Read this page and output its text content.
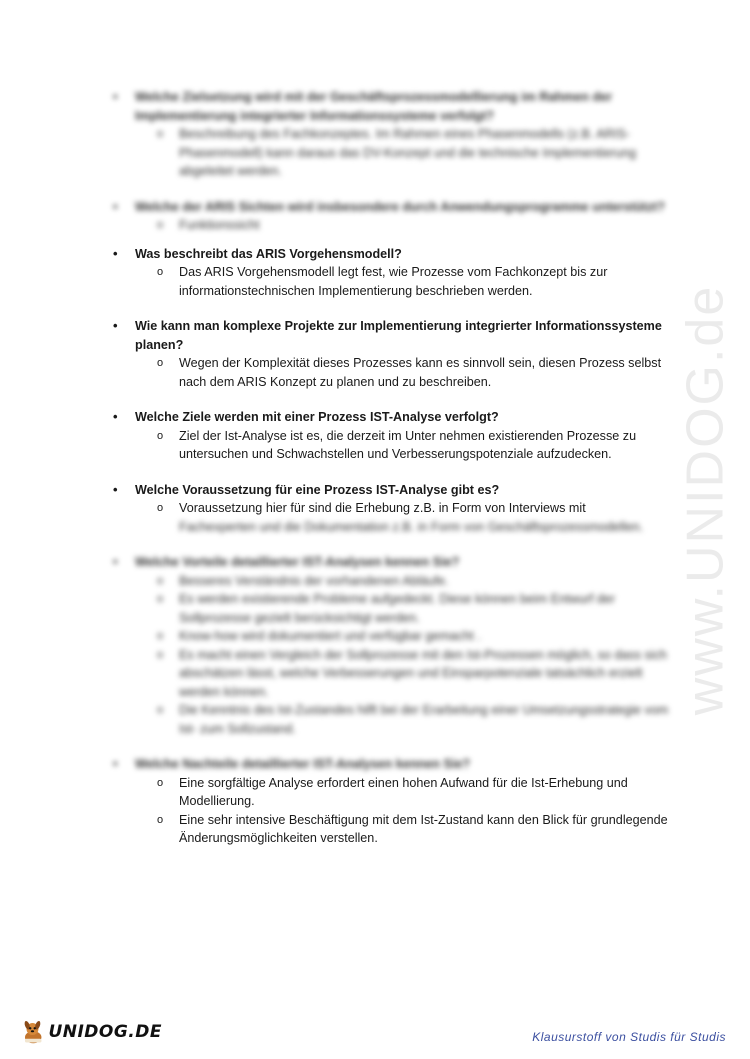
www.UNIDOG.de
• Welche Zielsetzung wird mit der Geschäftsprozessmodellierung im Rahmen der Implementierung integrierter Informationssysteme verfolgt?
o Beschreibung des Fachkonzeptes. Im Rahmen eines Phasenmodells (z.B. ARIS-Phasenmodell) kann daraus das DV-Konzept und die technische Implementierung abgeleitet werden.
• Welche der ARIS Sichten wird insbesondere durch Anwendungsprogramme unterstützt?
o Funktionssicht
• Was beschreibt das ARIS Vorgehensmodell?
o Das ARIS Vorgehensmodell legt fest, wie Prozesse vom Fachkonzept bis zur informationstechnischen Implementierung beschrieben werden.
• Wie kann man komplexe Projekte zur Implementierung integrierter Informationssysteme planen?
o Wegen der Komplexität dieses Prozesses kann es sinnvoll sein, diesen Prozess selbst nach dem ARIS Konzept zu planen und zu beschreiben.
• Welche Ziele werden mit einer Prozess IST-Analyse verfolgt?
o Ziel der Ist-Analyse ist es, die derzeit im Unter nehmen existierenden Prozesse zu untersuchen und Schwachstellen und Verbesserungspotenziale aufzudecken.
• Welche Voraussetzung für eine Prozess IST-Analyse gibt es?
o Voraussetzung hier für sind die Erhebung z.B. in Form von Interviews mit
Fachexperten und die Dokumentation z.B. in Form von Geschäftsprozessmodellen.
• Welche Vorteile detaillierter IST-Analysen kennen Sie?
o Besseres Verständnis der vorhandenen Abläufe.
o Es werden existierende Probleme aufgedeckt. Diese können beim Entwurf der Sollprozesse gezielt berücksichtigt werden.
o Know-how wird dokumentiert und verfügbar gemacht .
o Es macht einen Vergleich der Sollprozesse mit den Ist-Prozessen möglich, so dass sich abschätzen lässt, welche Verbesserungen und Einsparpotenziale tatsächlich erzielt werden können.
o Die Kenntnis des Ist-Zustandes hilft bei der Erarbeitung einer Umsetzungsstrategie vom Ist- zum Sollzustand.
• Welche Nachteile detaillierter IST-Analysen kennen Sie?
o Eine sorgfältige Analyse erfordert einen hohen Aufwand für die Ist-Erhebung und Modellierung.
o Eine sehr intensive Beschäftigung mit dem Ist-Zustand kann den Blick für grundlegende Änderungsmöglichkeiten verstellen.
UNIDOG.DE	Klausurstoff von Studis für Studis
